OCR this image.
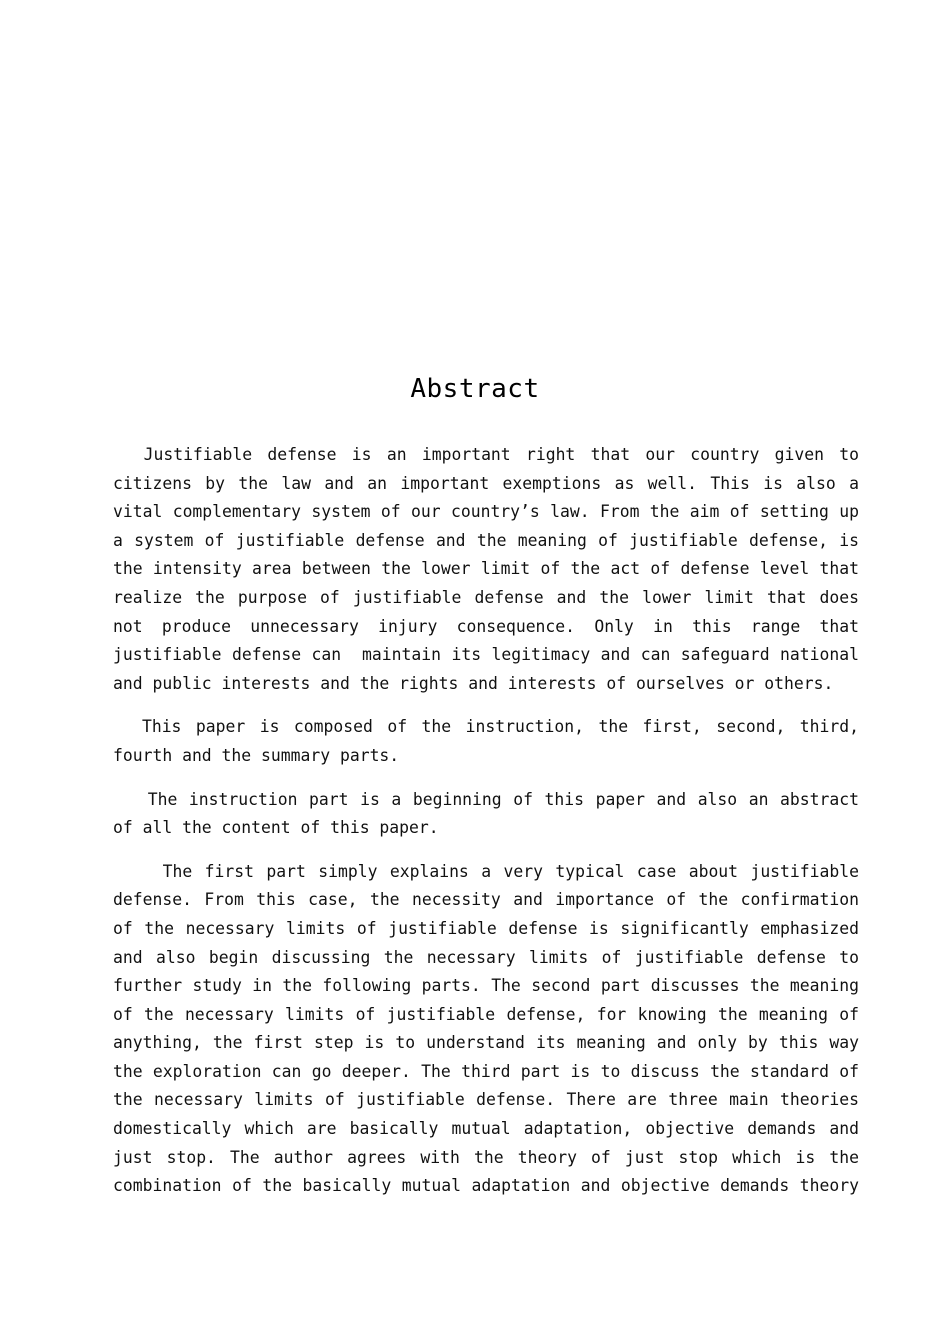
Abstract

Justifiable defense is an important right that our country given to citizens by the law and an important exemptions as well. This is also a vital complementary system of our country’s law. From the aim of setting up a system of justifiable defense and the meaning of justifiable defense, is the intensity area between the lower limit of the act of defense level that realize the purpose of justifiable defense and the lower limit that does not produce unnecessary injury consequence. Only in this range that justifiable defense can  maintain its legitimacy and can safeguard national and public interests and the rights and interests of ourselves or others.

This paper is composed of the instruction, the first, second, third, fourth and the summary parts.

The instruction part is a beginning of this paper and also an abstract of all the content of this paper.

The first part simply explains a very typical case about justifiable defense. From this case, the necessity and importance of the confirmation of the necessary limits of justifiable defense is significantly emphasized and also begin discussing the necessary limits of justifiable defense to further study in the following parts. The second part discusses the meaning of the necessary limits of justifiable defense, for knowing the meaning of anything, the first step is to understand its meaning and only by this way the exploration can go deeper. The third part is to discuss the standard of the necessary limits of justifiable defense. There are three main theories domestically which are basically mutual adaptation, objective demands and just stop. The author agrees with the theory of just stop which is the combination of the basically mutual adaptation and objective demands theory
